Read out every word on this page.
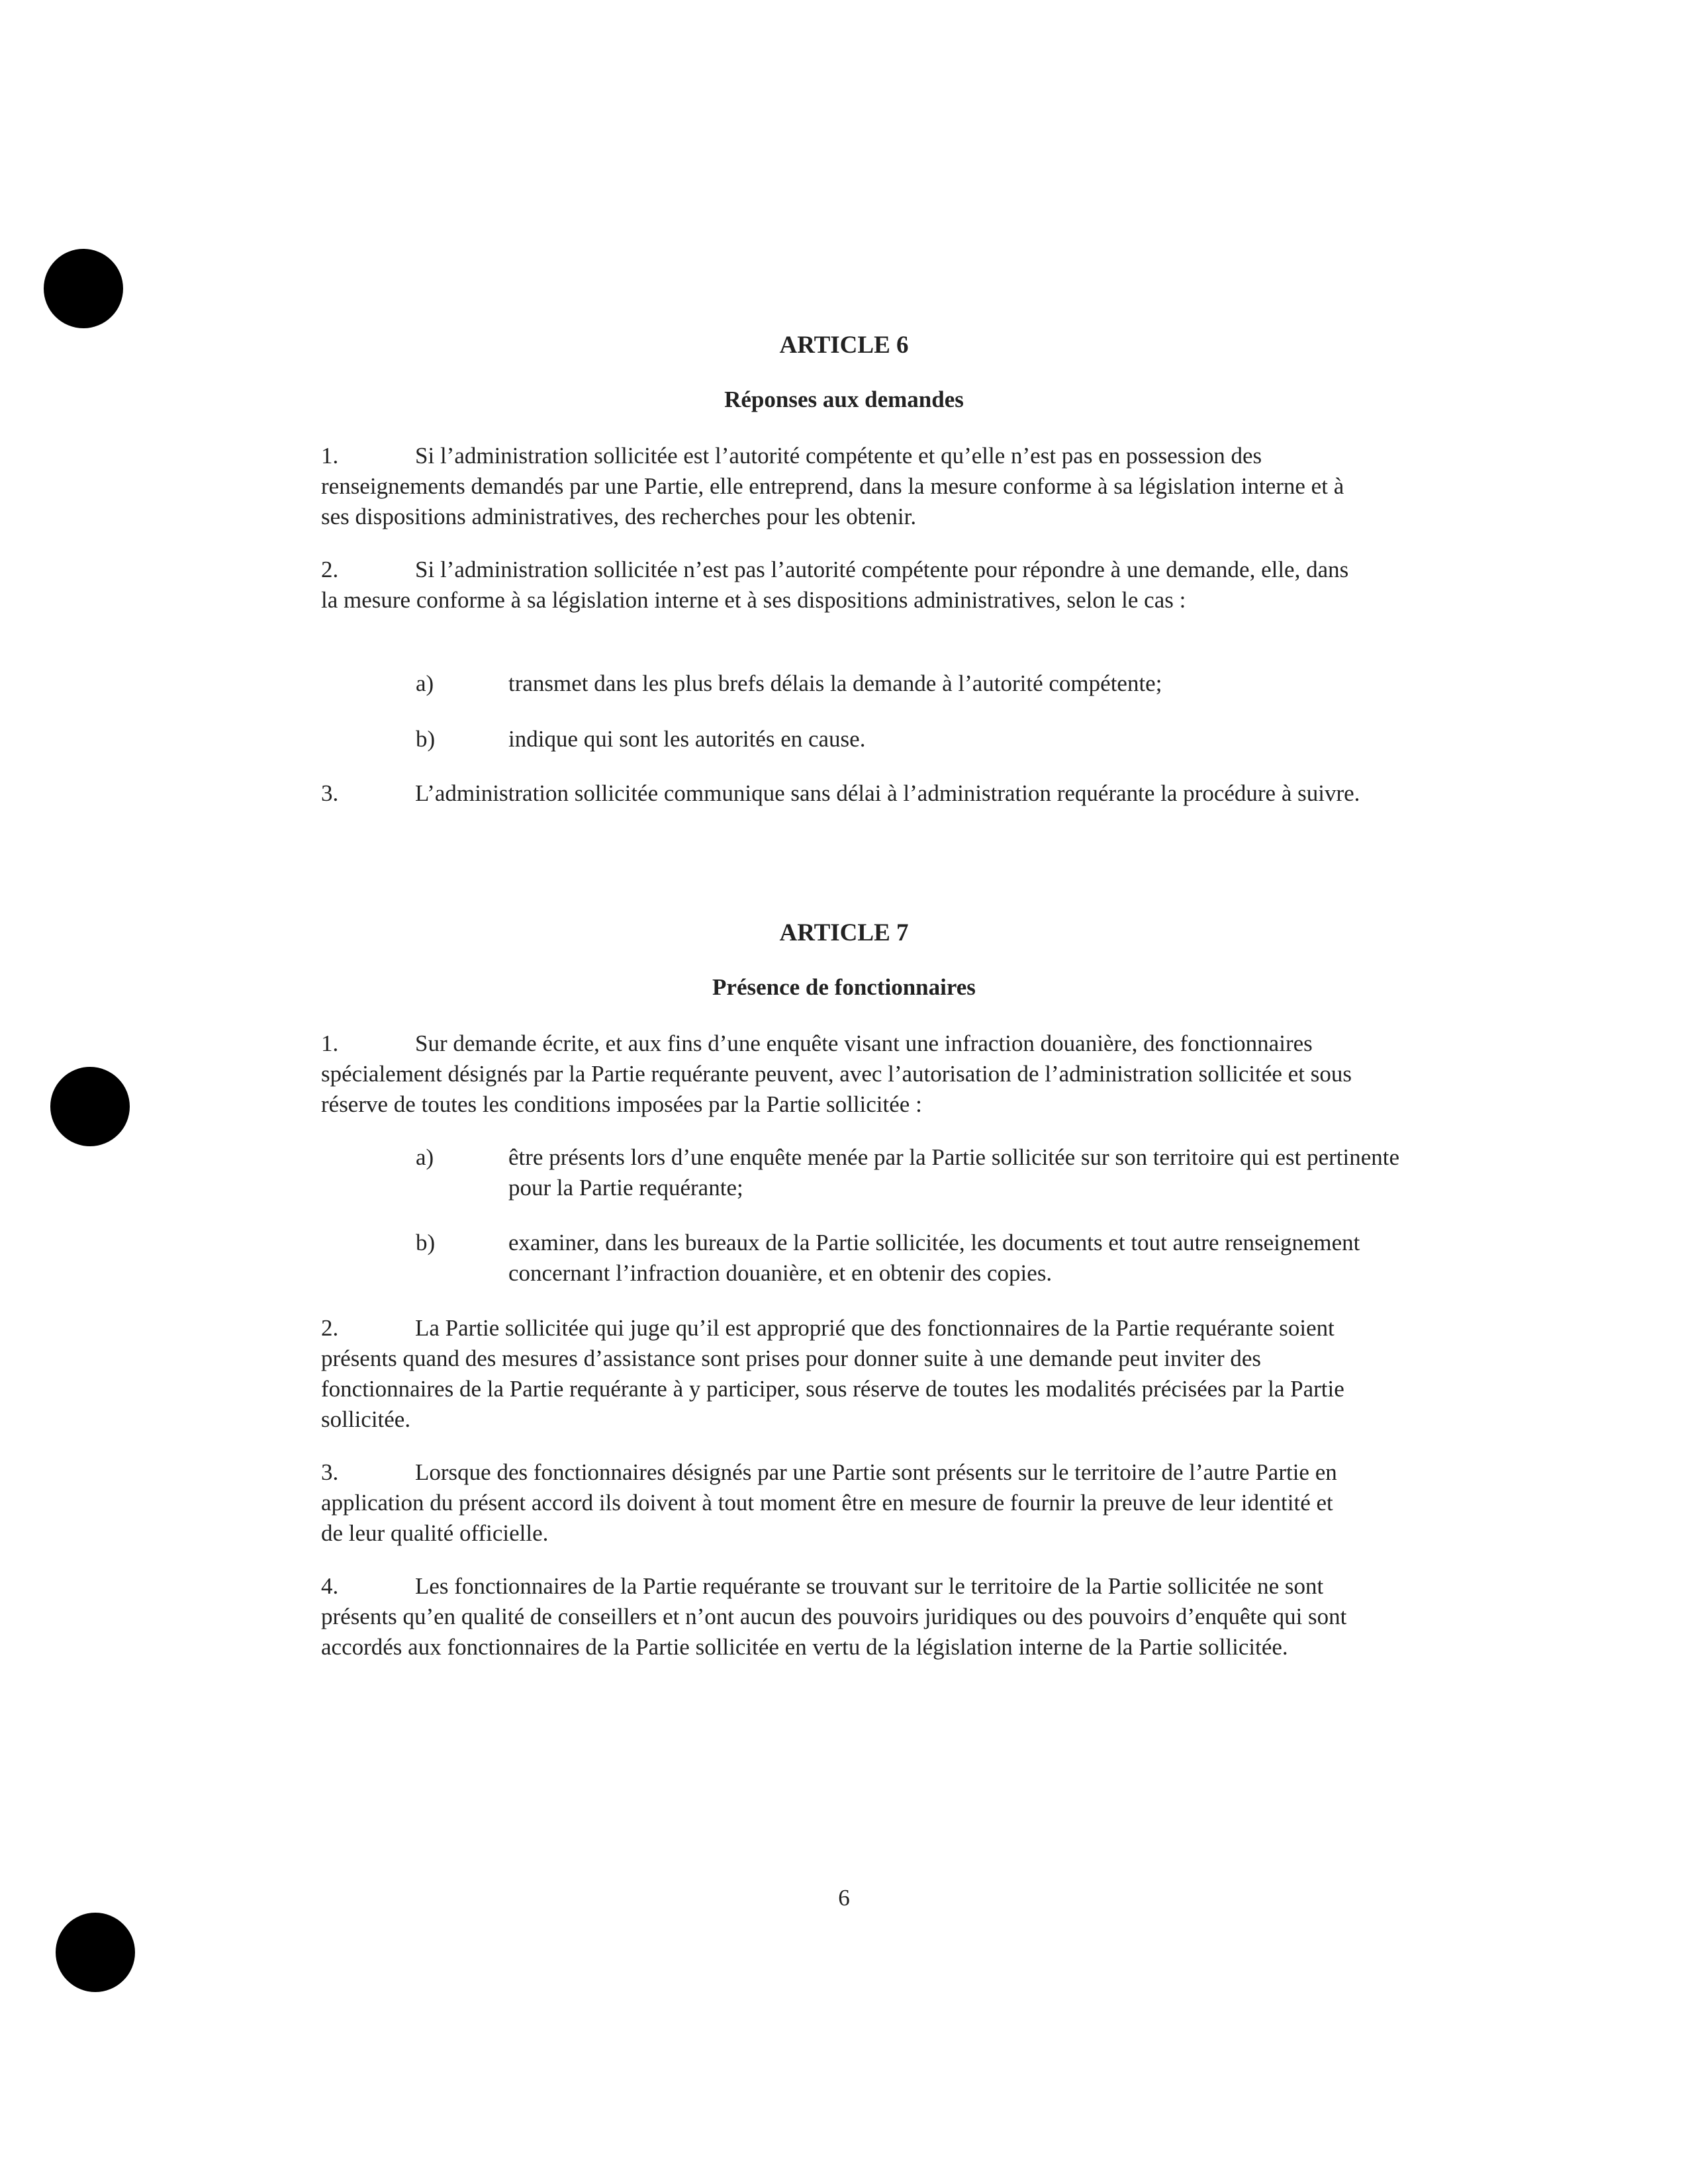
ARTICLE 6
Réponses aux demandes
1.	Si l’administration sollicitée est l’autorité compétente et qu’elle n’est pas en possession des renseignements demandés par une Partie, elle entreprend, dans la mesure conforme à sa législation interne et à ses dispositions administratives, des recherches pour les obtenir.
2.	Si l’administration sollicitée n’est pas l’autorité compétente pour répondre à une demande, elle, dans la mesure conforme à sa législation interne et à ses dispositions administratives, selon le cas :
a)	transmet dans les plus brefs délais la demande à l’autorité compétente;
b)	indique qui sont les autorités en cause.
3.	L’administration sollicitée communique sans délai à l’administration requérante la procédure à suivre.
ARTICLE 7
Présence de fonctionnaires
1.	Sur demande écrite, et aux fins d’une enquête visant une infraction douanière, des fonctionnaires spécialement désignés par la Partie requérante peuvent, avec l’autorisation de l’administration sollicitée et sous réserve de toutes les conditions imposées par la Partie sollicitée :
a)	être présents lors d’une enquête menée par la Partie sollicitée sur son territoire qui est pertinente pour la Partie requérante;
b)	examiner, dans les bureaux de la Partie sollicitée, les documents et tout autre renseignement concernant l’infraction douanière, et en obtenir des copies.
2.	La Partie sollicitée qui juge qu’il est approprié que des fonctionnaires de la Partie requérante soient présents quand des mesures d’assistance sont prises pour donner suite à une demande peut inviter des fonctionnaires de la Partie requérante à y participer, sous réserve de toutes les modalités précisées par la Partie sollicitée.
3.	Lorsque des fonctionnaires désignés par une Partie sont présents sur le territoire de l’autre Partie en application du présent accord ils doivent à tout moment être en mesure de fournir la preuve de leur identité et de leur qualité officielle.
4.	Les fonctionnaires de la Partie requérante se trouvant sur le territoire de la Partie sollicitée ne sont présents qu’en qualité de conseillers et n’ont aucun des pouvoirs juridiques ou des pouvoirs d’enquête qui sont accordés aux fonctionnaires de la Partie sollicitée en vertu de la législation interne de la Partie sollicitée.
6
